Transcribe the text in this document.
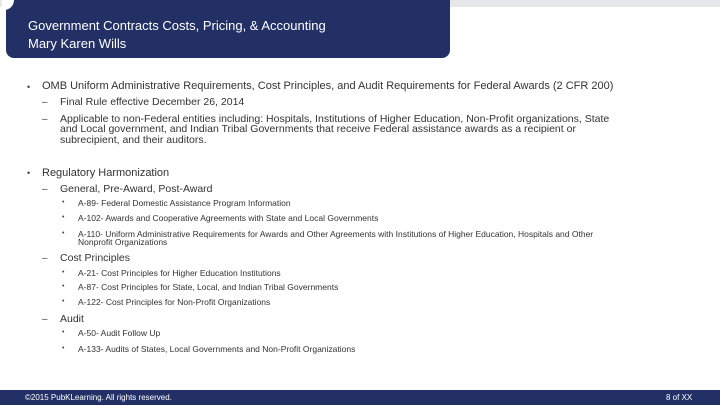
Government Contracts Costs, Pricing, & Accounting
Mary Karen Wills
• OMB Uniform Administrative Requirements, Cost Principles, and Audit Requirements for Federal Awards (2 CFR 200)
– Final Rule effective December 26, 2014
– Applicable to non-Federal entities including: Hospitals, Institutions of Higher Education, Non-Profit organizations, State
and Local government, and Indian Tribal Governments that receive Federal assistance awards as a recipient or
subrecipient, and their auditors.
• Regulatory Harmonization
– General, Pre-Award, Post-Award
• A-89- Federal Domestic Assistance Program Information
• A-102- Awards and Cooperative Agreements with State and Local Governments
• A-110- Uniform Administrative Requirements for Awards and Other Agreements with Institutions of Higher Education, Hospitals and Other
Nonprofit Organizations
– Cost Principles
• A-21- Cost Principles for Higher Education Institutions
• A-87- Cost Principles for State, Local, and Indian Tribal Governments
• A-122- Cost Principles for Non-Profit Organizations
– Audit
• A-50- Audit Follow Up
• A-133- Audits of States, Local Governments and Non-Profit Organizations
©2015 PubKLearning. All rights reserved.	8 of XX
